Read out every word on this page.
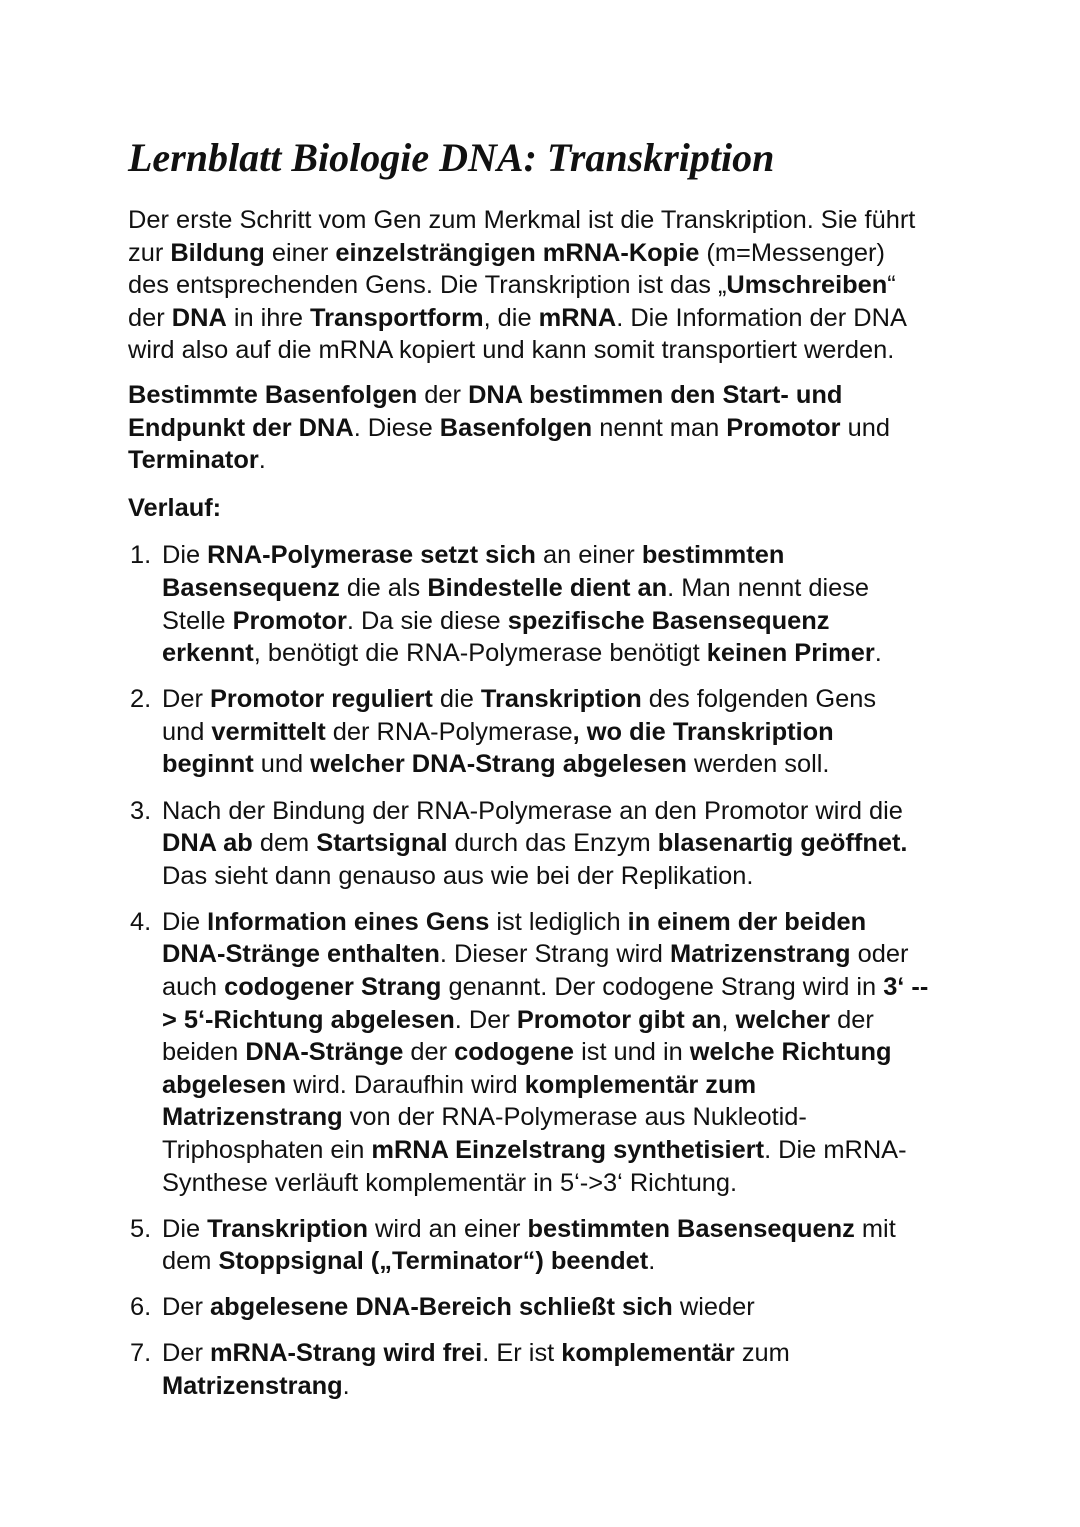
Lernblatt Biologie DNA: Transkription
Der erste Schritt vom Gen zum Merkmal ist die Transkription. Sie führt
zur Bildung einer einzelsträngigen mRNA-Kopie (m=Messenger)
des entsprechenden Gens. Die Transkription ist das „Umschreiben“
der DNA in ihre Transportform, die mRNA. Die Information der DNA
wird also auf die mRNA kopiert und kann somit transportiert werden.
Bestimmte Basenfolgen der DNA bestimmen den Start- und
Endpunkt der DNA. Diese Basenfolgen nennt man Promotor und
Terminator.
Verlauf:
1. Die RNA-Polymerase setzt sich an einer bestimmten
Basensequenz die als Bindestelle dient an. Man nennt diese
Stelle Promotor. Da sie diese spezifische Basensequenz
erkennt, benötigt die RNA-Polymerase benötigt keinen Primer.
2. Der Promotor reguliert die Transkription des folgenden Gens
und vermittelt der RNA-Polymerase, wo die Transkription
beginnt und welcher DNA-Strang abgelesen werden soll.
3. Nach der Bindung der RNA-Polymerase an den Promotor wird die
DNA ab dem Startsignal durch das Enzym blasenartig geöffnet.
Das sieht dann genauso aus wie bei der Replikation.
4. Die Information eines Gens ist lediglich in einem der beiden
DNA-Stränge enthalten. Dieser Strang wird Matrizenstrang oder
auch codogener Strang genannt. Der codogene Strang wird in 3‘ --
> 5‘-Richtung abgelesen. Der Promotor gibt an, welcher der
beiden DNA-Stränge der codogene ist und in welche Richtung
abgelesen wird. Daraufhin wird komplementär zum
Matrizenstrang von der RNA-Polymerase aus Nukleotid-
Triphosphaten ein mRNA Einzelstrang synthetisiert. Die mRNA-
Synthese verläuft komplementär in 5‘->3‘ Richtung.
5. Die Transkription wird an einer bestimmten Basensequenz mit
dem Stoppsignal („Terminator“) beendet.
6. Der abgelesene DNA-Bereich schließt sich wieder
7. Der mRNA-Strang wird frei. Er ist komplementär zum
Matrizenstrang.
